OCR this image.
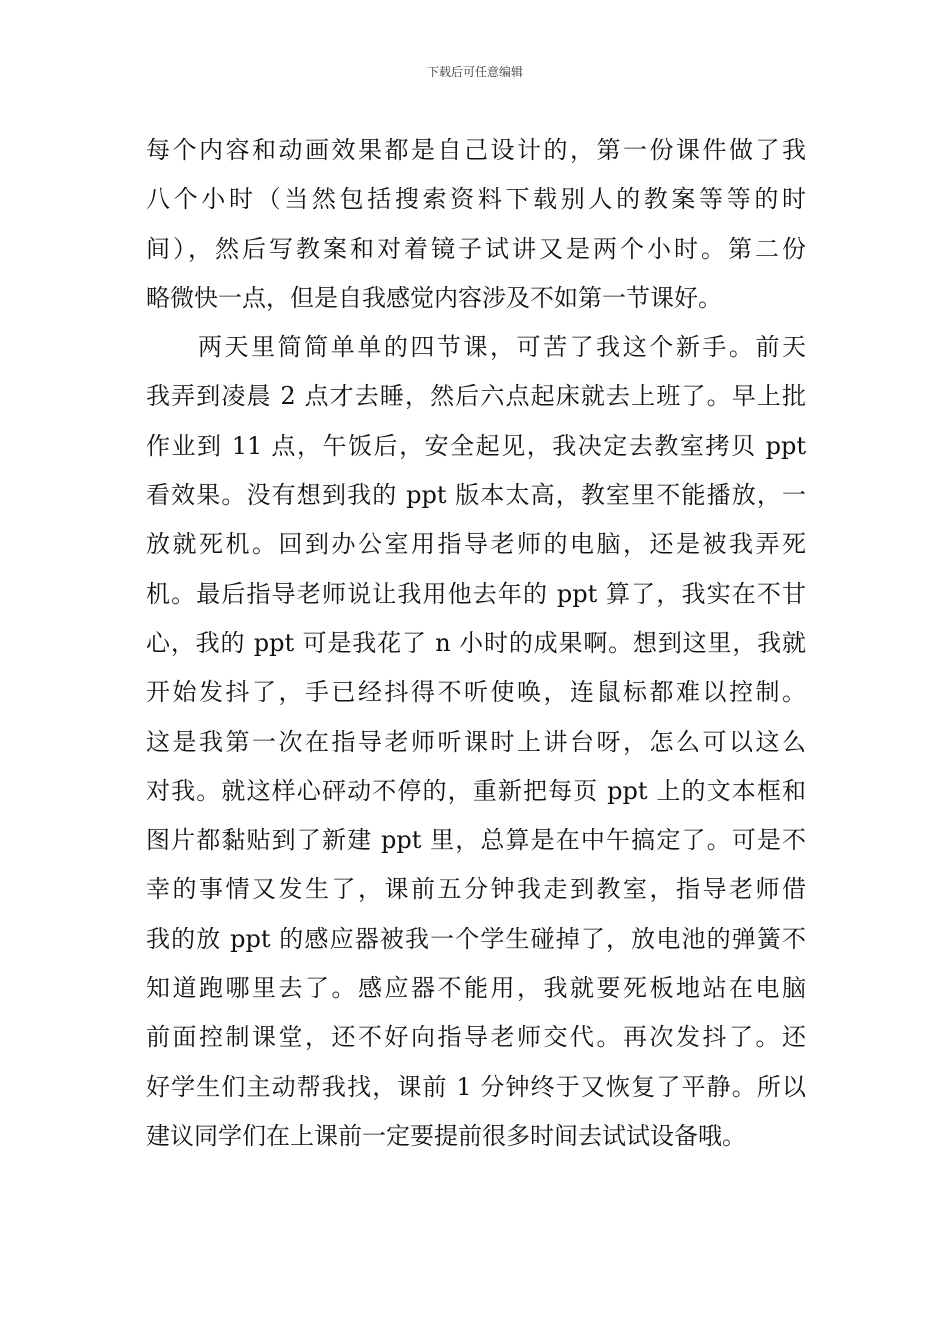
下载后可任意编辑
每个内容和动画效果都是自己设计的，第一份课件做了我
八个小时（当然包括搜索资料下载别人的教案等等的时
间），然后写教案和对着镜子试讲又是两个小时。第二份
略微快一点，但是自我感觉内容涉及不如第一节课好。
两天里简简单单的四节课，可苦了我这个新手。前天
我弄到凌晨 2 点才去睡，然后六点起床就去上班了。早上批
作业到 11 点，午饭后，安全起见，我决定去教室拷贝 ppt
看效果。没有想到我的 ppt 版本太高，教室里不能播放，一
放就死机。回到办公室用指导老师的电脑，还是被我弄死
机。最后指导老师说让我用他去年的 ppt 算了，我实在不甘
心，我的 ppt 可是我花了 n 小时的成果啊。想到这里，我就
开始发抖了，手已经抖得不听使唤，连鼠标都难以控制。
这是我第一次在指导老师听课时上讲台呀，怎么可以这么
对我。就这样心砰动不停的，重新把每页 ppt 上的文本框和
图片都黏贴到了新建 ppt 里，总算是在中午搞定了。可是不
幸的事情又发生了，课前五分钟我走到教室，指导老师借
我的放 ppt 的感应器被我一个学生碰掉了，放电池的弹簧不
知道跑哪里去了。感应器不能用，我就要死板地站在电脑
前面控制课堂，还不好向指导老师交代。再次发抖了。还
好学生们主动帮我找，课前 1 分钟终于又恢复了平静。所以
建议同学们在上课前一定要提前很多时间去试试设备哦。
